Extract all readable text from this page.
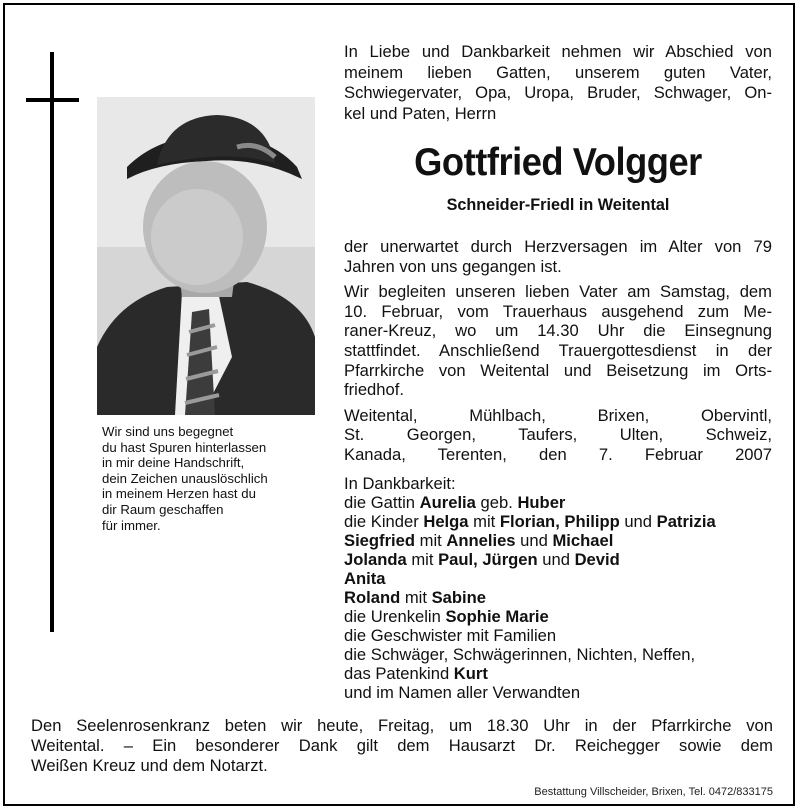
Wir sind uns begegnet
du hast Spuren hinterlassen
in mir deine Handschrift,
dein Zeichen unauslöschlich
in meinem Herzen hast du
dir Raum geschaffen
für immer.
In Liebe und Dankbarkeit nehmen wir Abschied von
meinem lieben Gatten, unserem guten Vater,
Schwiegervater, Opa, Uropa, Bruder, Schwager, On-
kel und Paten, Herrn
Gottfried Volgger
Schneider-Friedl in Weitental
der unerwartet durch Herzversagen im Alter von 79
Jahren von uns gegangen ist.
Wir begleiten unseren lieben Vater am Samstag, dem
10. Februar, vom Trauerhaus ausgehend zum Me-
raner-Kreuz, wo um 14.30 Uhr die Einsegnung
stattfindet. Anschließend Trauergottesdienst in der
Pfarrkirche von Weitental und Beisetzung im Orts-
friedhof.
Weitental, Mühlbach, Brixen, Obervintl,
St. Georgen, Taufers, Ulten, Schweiz,
Kanada, Terenten, den 7. Februar 2007
In Dankbarkeit:
die Gattin Aurelia geb. Huber
die Kinder Helga mit Florian, Philipp und Patrizia
Siegfried mit Annelies und Michael
Jolanda mit Paul, Jürgen und Devid
Anita
Roland mit Sabine
die Urenkelin Sophie Marie
die Geschwister mit Familien
die Schwäger, Schwägerinnen, Nichten, Neffen,
das Patenkind Kurt
und im Namen aller Verwandten
Den Seelenrosenkranz beten wir heute, Freitag, um 18.30 Uhr in der Pfarrkirche von
Weitental. – Ein besonderer Dank gilt dem Hausarzt Dr. Reichegger sowie dem
Weißen Kreuz und dem Notarzt.
Bestattung Villscheider, Brixen, Tel. 0472/833175
